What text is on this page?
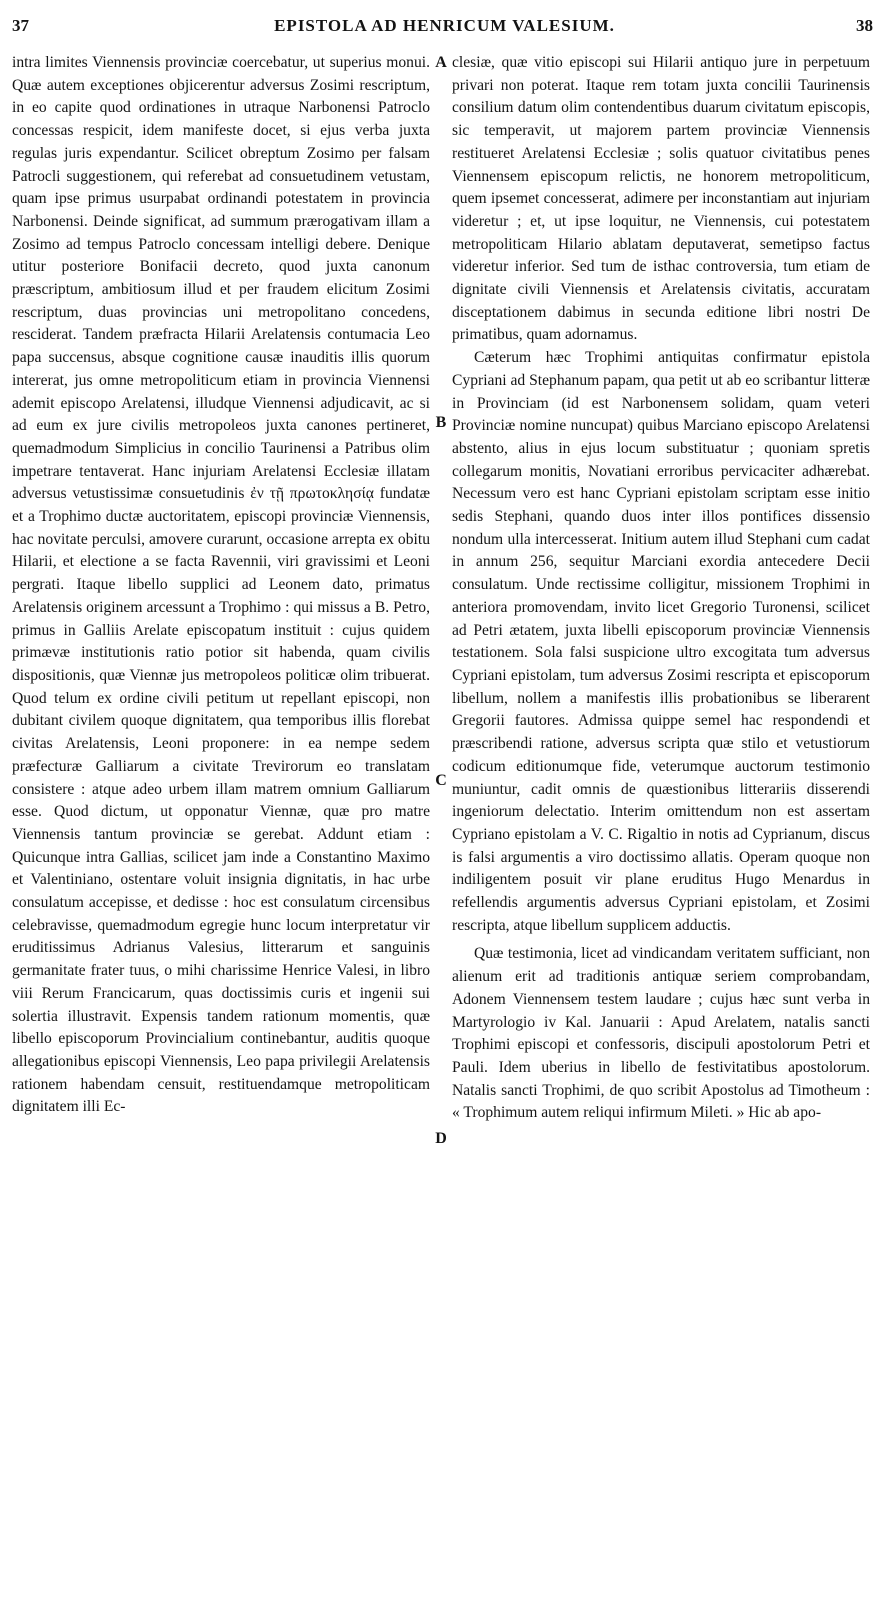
37	EPISTOLA AD HENRICUM VALESIUM.	38

intra limites Viennensis provinciæ coercebatur, ut superius monui. Quæ autem exceptiones objicerentur adversus Zosimi rescriptum, in eo capite quod ordinationes in utraque Narbonensi Patroclo concessas respicit, idem manifeste docet, si ejus verba juxta regulas juris expendantur. Scilicet obreptum Zosimo per falsam Patrocli suggestionem, qui referebat ad consuetudinem vetustam, quam ipse primus usurpabat ordinandi potestatem in provincia Narbonensi. Deinde significat, ad summum prærogativam illam a Zosimo ad tempus Patroclo concessam intelligi debere. Denique utitur posteriore Bonifacii decreto, quod juxta canonum præscriptum, ambitiosum illud et per fraudem elicitum Zosimi rescriptum, duas provincias uni metropolitano concedens, resciderat. Tandem præfracta Hilarii Arelatensis contumacia Leo papa succensus, absque cognitione causæ inauditis illis quorum intererat, jus omne metropoliticum etiam in provincia Viennensi ademit episcopo Arelatensi, illudque Viennensi adjudicavit, ac si ad eum ex jure civilis metropoleos juxta canones pertineret, quemadmodum Simplicius in concilio Taurinensi a Patribus olim impetrare tentaverat. Hanc injuriam Arelatensi Ecclesiæ illatam adversus vetustissimæ consuetudinis ἐν τῇ πρωτοκλησίᾳ fundatæ et a Trophimo ductæ auctoritatem, episcopi provinciæ Viennensis, hac novitate perculsi, amovere curarunt, occasione arrepta ex obitu Hilarii, et electione a se facta Ravennii, viri gravissimi et Leoni pergrati. Itaque libello supplici ad Leonem dato, primatus Arelatensis originem arcessunt a Trophimo : qui missus a B. Petro, primus in Galliis Arelate episcopatum instituit : cujus quidem primævæ institutionis ratio potior sit habenda, quam civilis dispositionis, quæ Viennæ jus metropoleos politicæ olim tribuerat. Quod telum ex ordine civili petitum ut repellant episcopi, non dubitant civilem quoque dignitatem, qua temporibus illis florebat civitas Arelatensis, Leoni proponere: in ea nempe sedem præfecturæ Galliarum a civitate Trevirorum eo translatam consistere : atque adeo urbem illam matrem omnium Galliarum esse. Quod dictum, ut opponatur Viennæ, quæ pro matre Viennensis tantum provinciæ se gerebat. Addunt etiam : Quicunque intra Gallias, scilicet jam inde a Constantino Maximo et Valentiniano, ostentare voluit insignia dignitatis, in hac urbe consulatum accepisse, et dedisse : hoc est consulatum circensibus celebravisse, quemadmodum egregie hunc locum interpretatur vir eruditissimus Adrianus Valesius, litterarum et sanguinis germanitate frater tuus, o mihi charissime Henrice Valesi, in libro viii Rerum Francicarum, quas doctissimis curis et ingenii sui solertia illustravit. Expensis tandem rationum momentis, quæ libello episcoporum Provincialium continebantur, auditis quoque allegationibus episcopi Viennensis, Leo papa privilegii Arelatensis rationem habendam censuit, restituendamque metropoliticam dignitatem illi Ec-

A
B
C
D

clesiæ, quæ vitio episcopi sui Hilarii antiquo jure in perpetuum privari non poterat. Itaque rem totam juxta concilii Taurinensis consilium datum olim contendentibus duarum civitatum episcopis, sic temperavit, ut majorem partem provinciæ Viennensis restitueret Arelatensi Ecclesiæ ; solis quatuor civitatibus penes Viennensem episcopum relictis, ne honorem metropoliticum, quem ipsemet concesserat, adimere per inconstantiam aut injuriam videretur ; et, ut ipse loquitur, ne Viennensis, cui potestatem metropoliticam Hilario ablatam deputaverat, semetipso factus videretur inferior. Sed tum de isthac controversia, tum etiam de dignitate civili Viennensis et Arelatensis civitatis, accuratam disceptationem dabimus in secunda editione libri nostri De primatibus, quam adornamus.

Cæterum hæc Trophimi antiquitas confirmatur epistola Cypriani ad Stephanum papam, qua petit ut ab eo scribantur litteræ in Provinciam (id est Narbonensem solidam, quam veteri Provinciæ nomine nuncupat) quibus Marciano episcopo Arelatensi abstento, alius in ejus locum substituatur ; quoniam spretis collegarum monitis, Novatiani erroribus pervicaciter adhærebat. Necessum vero est hanc Cypriani epistolam scriptam esse initio sedis Stephani, quando duos inter illos pontifices dissensio nondum ulla intercesserat. Initium autem illud Stephani cum cadat in annum 256, sequitur Marciani exordia antecedere Decii consulatum. Unde rectissime colligitur, missionem Trophimi in anteriora promovendam, invito licet Gregorio Turonensi, scilicet ad Petri ætatem, juxta libelli episcoporum provinciæ Viennensis testationem. Sola falsi suspicione ultro excogitata tum adversus Cypriani epistolam, tum adversus Zosimi rescripta et episcoporum libellum, nollem a manifestis illis probationibus se liberarent Gregorii fautores. Admissa quippe semel hac respondendi et præscribendi ratione, adversus scripta quæ stilo et vetustiorum codicum editionumque fide, veterumque auctorum testimonio muniuntur, cadit omnis de quæstionibus litterariis disserendi ingeniorum delectatio. Interim omittendum non est assertam Cypriano epistolam a V. C. Rigaltio in notis ad Cyprianum, discus is falsi argumentis a viro doctissimo allatis. Operam quoque non indiligentem posuit vir plane eruditus Hugo Menardus in refellendis argumentis adversus Cypriani epistolam, et Zosimi rescripta, atque libellum supplicem adductis.

Quæ testimonia, licet ad vindicandam veritatem sufficiant, non alienum erit ad traditionis antiquæ seriem comprobandam, Adonem Viennensem testem laudare ; cujus hæc sunt verba in Martyrologio iv Kal. Januarii : Apud Arelatem, natalis sancti Trophimi episcopi et confessoris, discipuli apostolorum Petri et Pauli. Idem uberius in libello de festivitatibus apostolorum. Natalis sancti Trophimi, de quo scribit Apostolus ad Timotheum : « Trophimum autem reliqui infirmum Mileti. » Hic ab apo-
